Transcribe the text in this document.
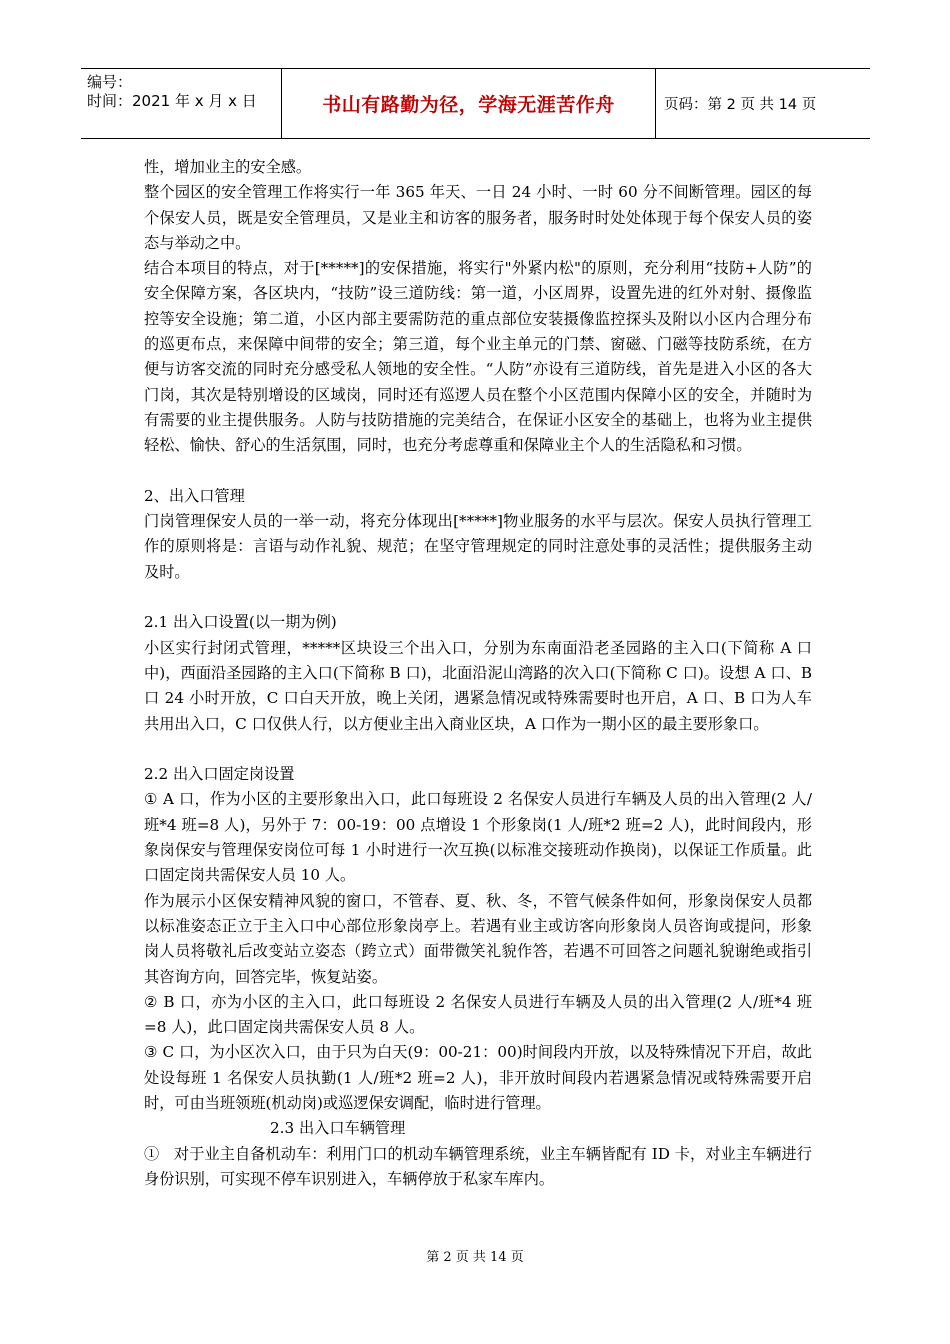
编号：
时间：2021 年 x 月 x 日	书山有路勤为径，学海无涯苦作舟	页码：第 2 页 共 14 页

性，增加业主的安全感。

整个园区的安全管理工作将实行一年 365 年天、一日 24 小时、一时 60 分不间断管理。园区的每个保安人员，既是安全管理员，又是业主和访客的服务者，服务时时处处体现于每个保安人员的姿态与举动之中。

结合本项目的特点，对于[*****]的安保措施，将实行"外紧内松"的原则，充分利用“技防+人防”的安全保障方案，各区块内，“技防”设三道防线：第一道，小区周界，设置先进的红外对射、摄像监控等安全设施；第二道，小区内部主要需防范的重点部位安装摄像监控探头及附以小区内合理分布的巡更布点，来保障中间带的安全；第三道，每个业主单元的门禁、窗磁、门磁等技防系统，在方便与访客交流的同时充分感受私人领地的安全性。“人防”亦设有三道防线，首先是进入小区的各大门岗，其次是特别增设的区域岗，同时还有巡逻人员在整个小区范围内保障小区的安全，并随时为有需要的业主提供服务。人防与技防措施的完美结合，在保证小区安全的基础上，也将为业主提供轻松、愉快、舒心的生活氛围，同时，也充分考虑尊重和保障业主个人的生活隐私和习惯。

2、出入口管理

门岗管理保安人员的一举一动，将充分体现出[*****]物业服务的水平与层次。保安人员执行管理工作的原则将是：言语与动作礼貌、规范；在坚守管理规定的同时注意处事的灵活性；提供服务主动及时。

2.1 出入口设置(以一期为例)

小区实行封闭式管理，*****区块设三个出入口，分别为东南面沿老圣园路的主入口(下简称 A 口中)，西面沿圣园路的主入口(下简称 B 口)，北面沿泥山湾路的次入口(下简称 C 口)。设想 A 口、B 口 24 小时开放，C 口白天开放，晚上关闭，遇紧急情况或特殊需要时也开启，A 口、B 口为人车共用出入口，C 口仅供人行，以方便业主出入商业区块，A 口作为一期小区的最主要形象口。

2.2 出入口固定岗设置

① A 口，作为小区的主要形象出入口，此口每班设 2 名保安人员进行车辆及人员的出入管理(2 人/班*4 班=8 人)，另外于 7：00-19：00 点增设 1 个形象岗(1 人/班*2 班=2 人)，此时间段内，形象岗保安与管理保安岗位可每 1 小时进行一次互换(以标准交接班动作换岗)，以保证工作质量。此口固定岗共需保安人员 10 人。

作为展示小区保安精神风貌的窗口，不管春、夏、秋、冬，不管气候条件如何，形象岗保安人员都以标准姿态正立于主入口中心部位形象岗亭上。若遇有业主或访客向形象岗人员咨询或提问，形象岗人员将敬礼后改变站立姿态（跨立式）面带微笑礼貌作答，若遇不可回答之问题礼貌谢绝或指引其咨询方向，回答完毕，恢复站姿。

② B 口，亦为小区的主入口，此口每班设 2 名保安人员进行车辆及人员的出入管理(2 人/班*4 班=8 人)，此口固定岗共需保安人员 8 人。

③ C 口，为小区次入口，由于只为白天(9：00-21：00)时间段内开放，以及特殊情况下开启，故此处设每班 1 名保安人员执勤(1 人/班*2 班=2 人)，非开放时间段内若遇紧急情况或特殊需要开启时，可由当班领班(机动岗)或巡逻保安调配，临时进行管理。

2.3 出入口车辆管理

①   对于业主自备机动车：利用门口的机动车辆管理系统，业主车辆皆配有 ID 卡，对业主车辆进行身份识别，可实现不停车识别进入，车辆停放于私家车库内。

第 2 页 共 14 页
